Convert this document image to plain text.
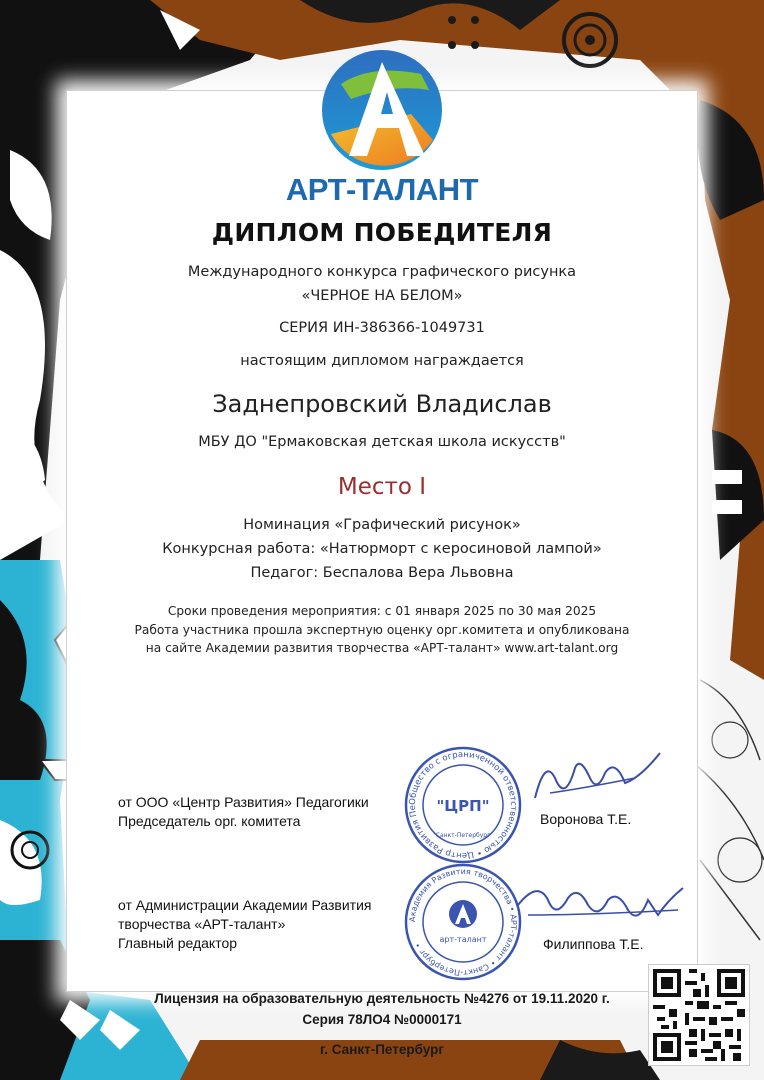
АРТ-ТАЛАНТ
ДИПЛОМ ПОБЕДИТЕЛЯ
Международного конкурса графического рисунка
«ЧЕРНОЕ НА БЕЛОМ»
СЕРИЯ ИН-386366-1049731
настоящим дипломом награждается
Заднепровский Владислав
МБУ ДО "Ермаковская детская школа искусств"
Место I
Номинация «Графический рисунок»
Конкурсная работа: «Натюрморт с керосиновой лампой»
Педагог: Беспалова Вера Львовна
Сроки проведения мероприятия: с 01 января 2025 по 30 мая 2025
Работа участника прошла экспертную оценку орг.комитета и опубликована
на сайте Академии развития творчества «АРТ-талант» www.art-talant.org
от ООО «Центр Развития» Педагогики
Председатель орг. комитета
Общество с ограниченной ответственностью • Центр Развития Пе	"ЦРП"
Санкт-Петербург
Воронова Т.Е.
от Администрации Академии Развития
творчества «АРТ-талант»
Главный редактор
Академия Развития творчества • АРТ-талант • Санкт-Петербург •
арт-талант	Филиппова Т.Е.
Лицензия на образовательную деятельность №4276 от 19.11.2020 г.
Серия 78ЛО4 №0000171
г. Санкт-Петербург
